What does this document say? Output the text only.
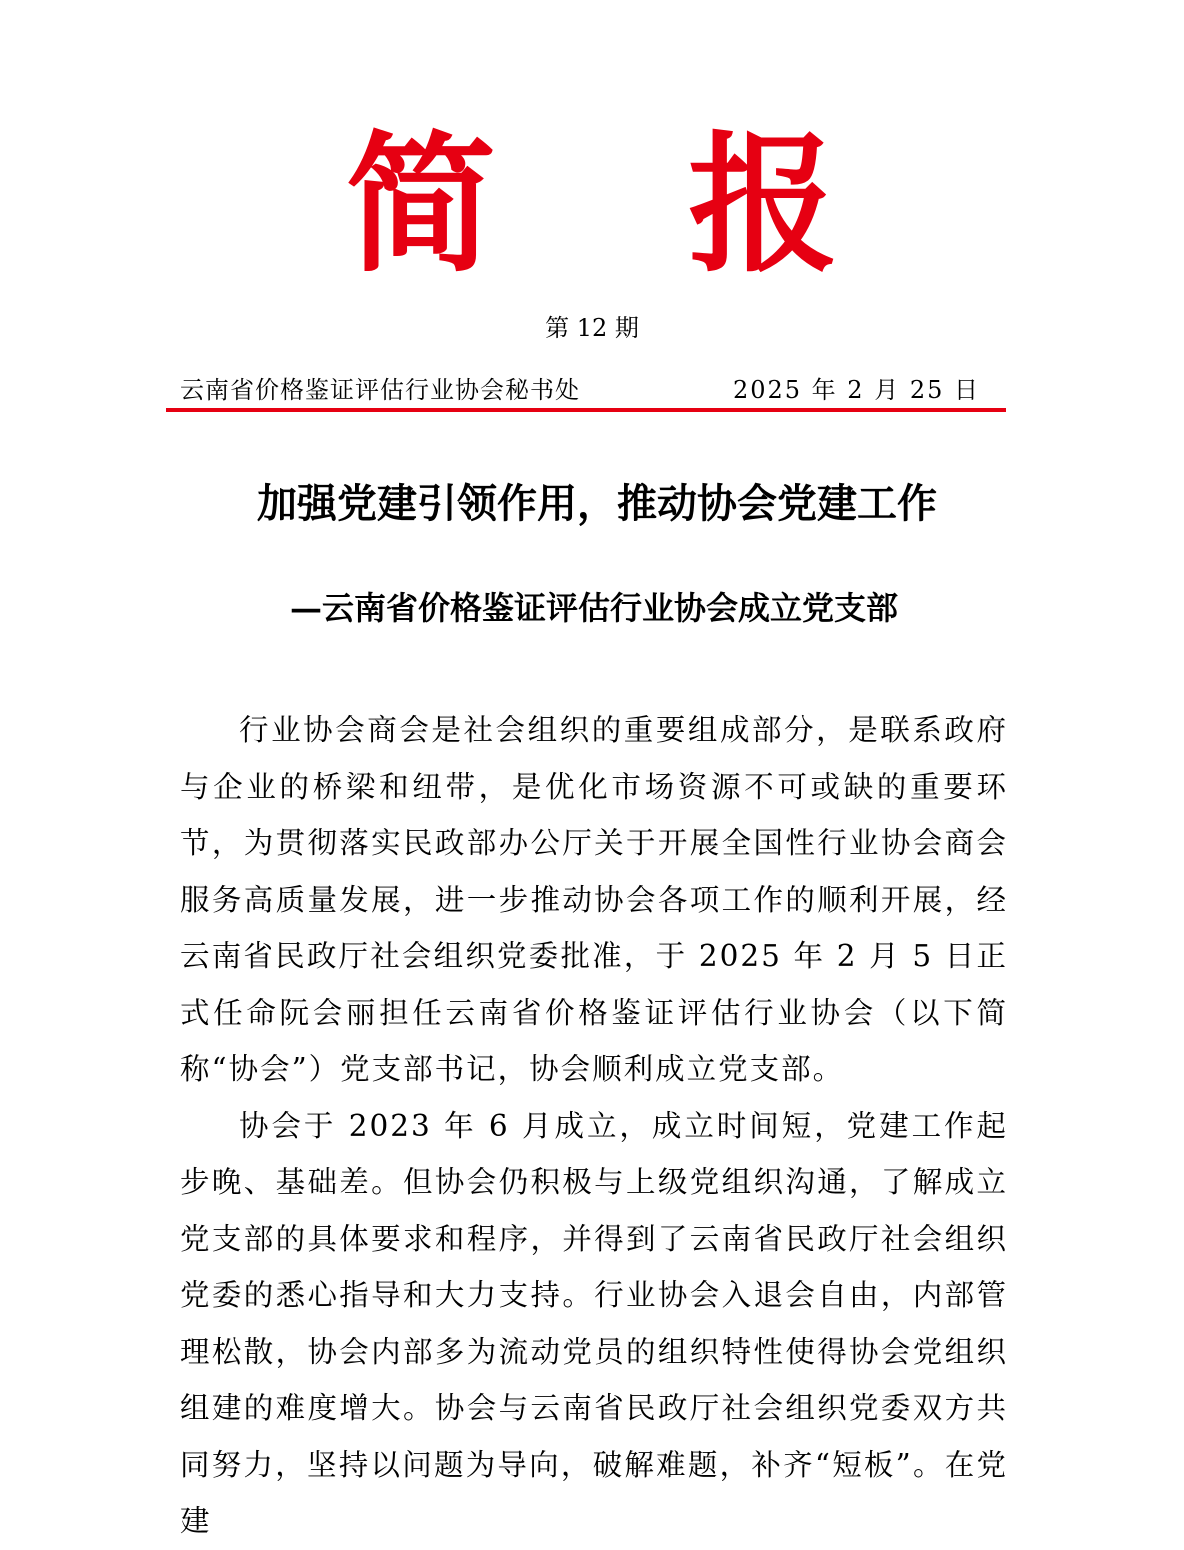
简 报
第 12 期
云南省价格鉴证评估行业协会秘书处	2025 年 2 月 25 日
加强党建引领作用，推动协会党建工作
—云南省价格鉴证评估行业协会成立党支部

行业协会商会是社会组织的重要组成部分，是联系政府与企业的桥梁和纽带，是优化市场资源不可或缺的重要环节，为贯彻落实民政部办公厅关于开展全国性行业协会商会服务高质量发展，进一步推动协会各项工作的顺利开展，经云南省民政厅社会组织党委批准，于 2025 年 2 月 5 日正式任命阮会丽担任云南省价格鉴证评估行业协会（以下简称“协会”）党支部书记，协会顺利成立党支部。

协会于 2023 年 6 月成立，成立时间短，党建工作起步晚、基础差。但协会仍积极与上级党组织沟通，了解成立党支部的具体要求和程序，并得到了云南省民政厅社会组织党委的悉心指导和大力支持。行业协会入退会自由，内部管理松散，协会内部多为流动党员的组织特性使得协会党组织组建的难度增大。协会与云南省民政厅社会组织党委双方共同努力，坚持以问题为导向，破解难题，补齐“短板”。在党建
